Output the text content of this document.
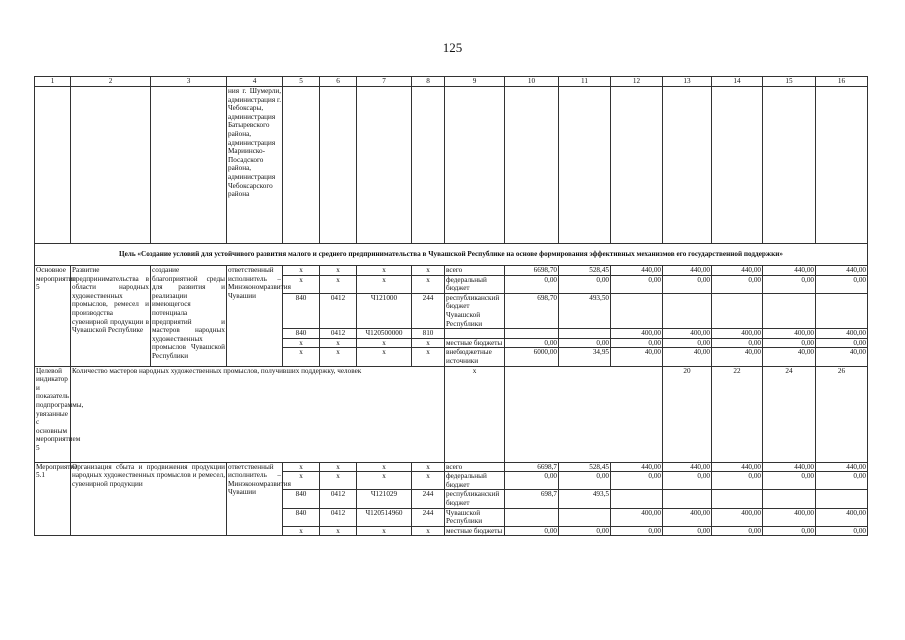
125
1	2	3	4	5	6	7	8	9	10	11	12	13	14	15	16
			ния г. Шумерли, администрация г. Чебоксары, администрация Батыревского района, администрация Мариинско-Посадского района, администрация Чебоксарского района												
Цель «Создание условий для устойчивого развития малого и среднего предпринимательства в Чувашской Республике на основе формирования эффективных механизмов его государственной поддержки»															
Основное мероприятие 5	Развитие предпринимательства в области народных художественных промыслов, ремесел и производства сувенирной продукции в Чувашской Республике	создание благоприятной среды для развития и реализации имеющегося потенциала предприятий и мастеров народных художественных промыслов Чувашской Республики	ответственный исполнитель – Минэкономразвития Чувашии	х	х	х	х	всего	6698,70	528,45	440,00	440,00	440,00	440,00	440,00
				х	х	х	х	федеральный бюджет	0,00	0,00	0,00	0,00	0,00	0,00	0,00
				840	0412	Ч121000	244	республиканский бюджет Чувашской Республики	698,70	493,50					
				840	0412	Ч120500000	810				400,00	400,00	400,00	400,00	400,00
				х	х	х	х	местные бюджеты	0,00	0,00	0,00	0,00	0,00	0,00	0,00
				х	х	х	х	внебюджетные источники	6000,00	34,95	40,00	40,00	40,00	40,00	40,00
Целевой индикатор и показатель подпрограммы, увязанные с основным мероприятием 5	Количество мастеров народных художественных промыслов, получивших поддержку, человек							х				20	22	24	26
Мероприятие 5.1	Организация сбыта и продвижения продукции народных художественных промыслов и ремесел, сувенирной продукции		ответственный исполнитель – Минэкономразвития Чувашии	х	х	х	х	всего	6698,7	528,45	440,00	440,00	440,00	440,00	440,00
				х	х	х	х	федеральный бюджет	0,00	0,00	0,00	0,00	0,00	0,00	0,00
				840	0412	Ч121029	244	республиканский бюджет	698,7	493,5					
				840	0412	Ч120514960	244	Чувашской Республики			400,00	400,00	400,00	400,00	400,00
				х	х	х	х	местные бюджеты	0,00	0,00	0,00	0,00	0,00	0,00	0,00
